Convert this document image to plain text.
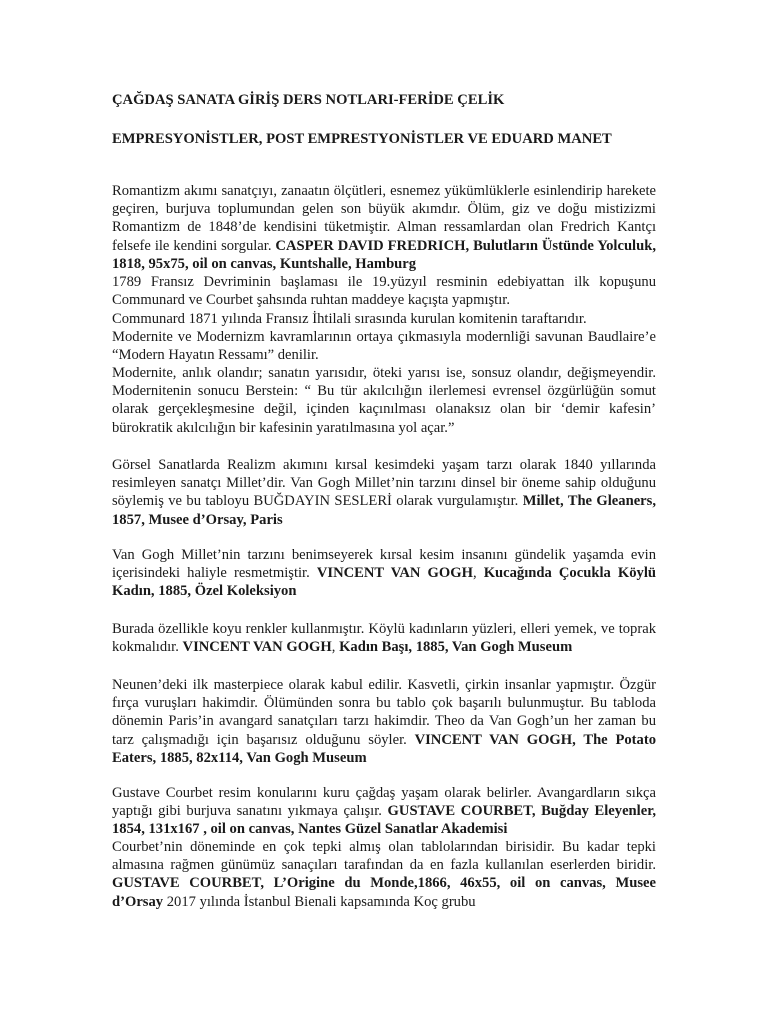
ÇAĞDAŞ SANATA GİRİŞ DERS NOTLARI-FERİDE ÇELİK
EMPRESYONİSTLER, POST EMPRESTYONİSTLER VE EDUARD MANET

Romantizm akımı sanatçıyı, zanaatın ölçütleri, esnemez yükümlüklerle esinlendirip harekete geçiren, burjuva toplumundan gelen son büyük akımdır. Ölüm, giz ve doğu mistizizmi Romantizm de 1848’de kendisini tüketmiştir. Alman ressamlardan olan Fredrich Kantçı felsefe ile kendini sorgular. CASPER DAVID FREDRICH, Bulutların Üstünde Yolculuk, 1818, 95x75, oil on canvas, Kuntshalle, Hamburg

1789 Fransız Devriminin başlaması ile 19.yüzyıl resminin edebiyattan ilk kopuşunu Communard ve Courbet şahsında ruhtan maddeye kaçışta yapmıştır.

Communard 1871 yılında Fransız İhtilali sırasında kurulan komitenin taraftarıdır.

Modernite ve Modernizm kavramlarının ortaya çıkmasıyla modernliği savunan Baudlaire’e “Modern Hayatın Ressamı” denilir.

Modernite, anlık olandır; sanatın yarısıdır, öteki yarısı ise, sonsuz olandır, değişmeyendir. Modernitenin sonucu Berstein: “ Bu tür akılcılığın ilerlemesi evrensel özgürlüğün somut olarak gerçekleşmesine değil, içinden kaçınılması olanaksız olan bir ‘demir kafesin’ bürokratik akılcılığın bir kafesinin yaratılmasına yol açar.”

Görsel Sanatlarda Realizm akımını kırsal kesimdeki yaşam tarzı olarak 1840 yıllarında resimleyen sanatçı Millet’dir. Van Gogh Millet’nin tarzını dinsel bir öneme sahip olduğunu söylemiş ve bu tabloyu BUĞDAYIN SESLERİ olarak vurgulamıştır. Millet, The Gleaners, 1857, Musee d’Orsay, Paris

Van Gogh Millet’nin tarzını benimseyerek kırsal kesim insanını gündelik yaşamda evin içerisindeki haliyle resmetmiştir. VINCENT VAN GOGH, Kucağında Çocukla Köylü Kadın, 1885, Özel Koleksiyon

Burada özellikle koyu renkler kullanmıştır. Köylü kadınların yüzleri, elleri yemek, ve toprak kokmalıdır. VINCENT VAN GOGH, Kadın Başı, 1885, Van Gogh Museum

Neunen’deki ilk masterpiece olarak kabul edilir. Kasvetli, çirkin insanlar yapmıştır. Özgür fırça vuruşları hakimdir. Ölümünden sonra bu tablo çok başarılı bulunmuştur. Bu tabloda dönemin Paris’in avangard sanatçıları tarzı hakimdir. Theo da Van Gogh’un her zaman bu tarz çalışmadığı için başarısız olduğunu söyler. VINCENT VAN GOGH, The Potato Eaters, 1885, 82x114, Van Gogh Museum

Gustave Courbet resim konularını kuru çağdaş yaşam olarak belirler. Avangardların sıkça yaptığı gibi burjuva sanatını yıkmaya çalışır. GUSTAVE COURBET, Buğday Eleyenler, 1854, 131x167 , oil on canvas, Nantes Güzel Sanatlar Akademisi

Courbet’nin döneminde en çok tepki almış olan tablolarından birisidir. Bu kadar tepki almasına rağmen günümüz sanaçıları tarafından da en fazla kullanılan eserlerden biridir. GUSTAVE COURBET, L’Origine du Monde,1866, 46x55, oil on canvas, Musee d’Orsay 2017 yılında İstanbul Bienali kapsamında Koç grubu
